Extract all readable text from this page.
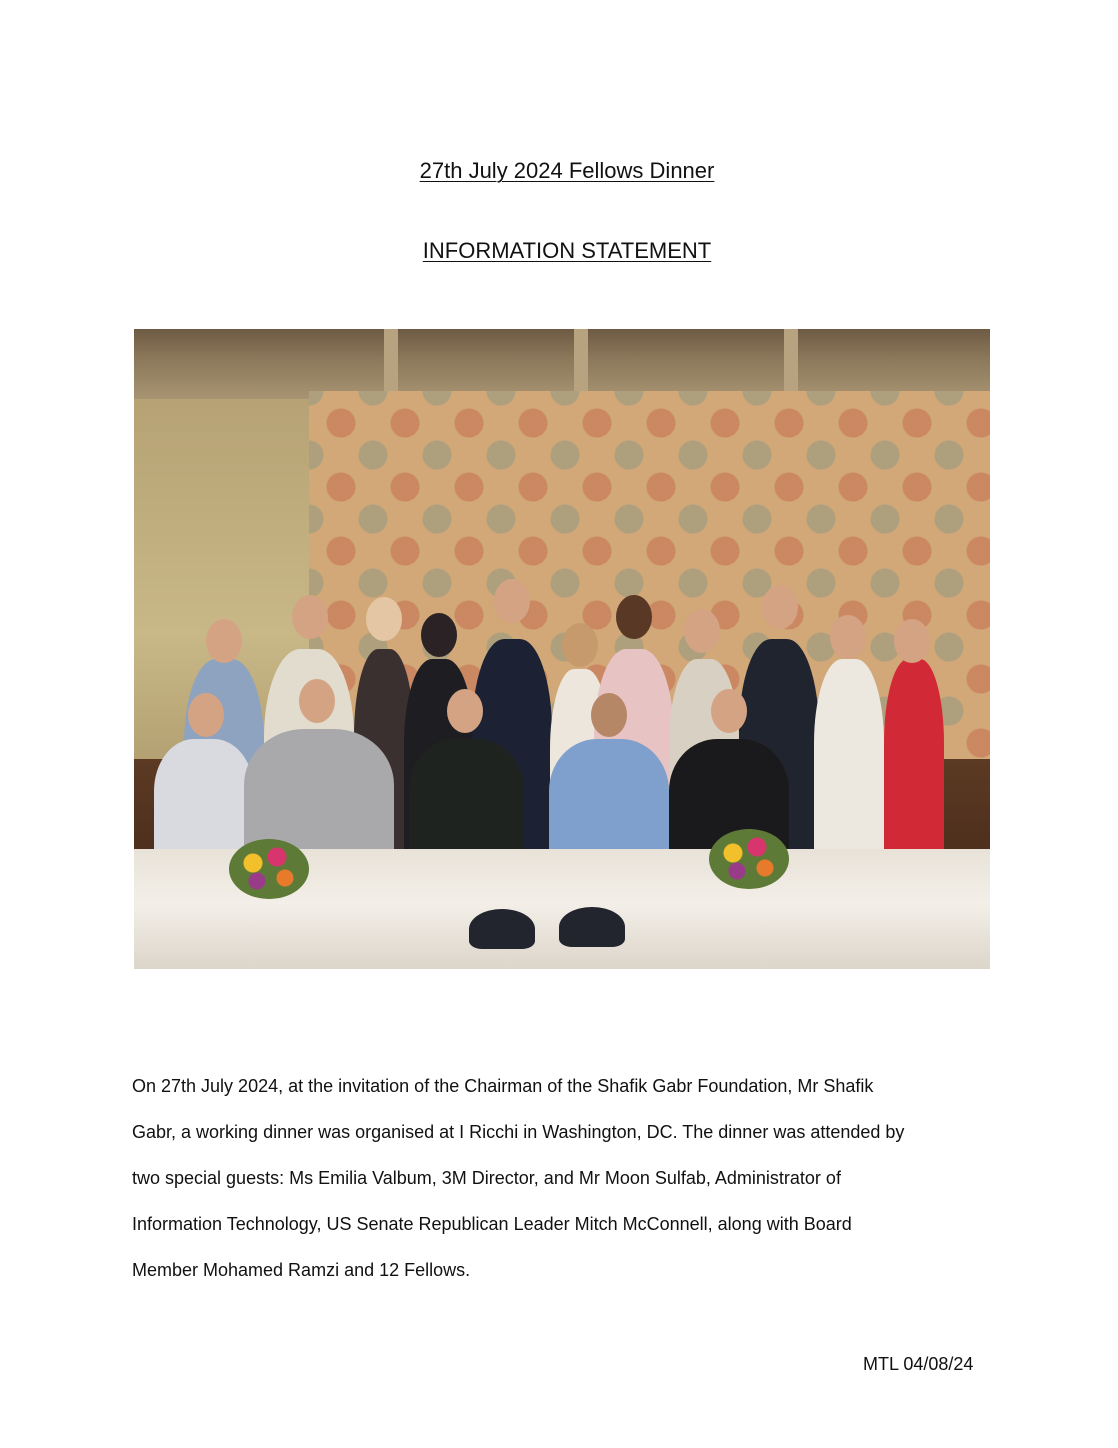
27th July 2024 Fellows Dinner
INFORMATION STATEMENT

On 27th July 2024, at the invitation of the Chairman of the Shafik Gabr Foundation, Mr Shafik

Gabr, a working dinner was organised at I Ricchi in Washington, DC. The dinner was attended by

two special guests: Ms Emilia Valbum, 3M Director, and Mr Moon Sulfab, Administrator of

Information Technology, US Senate Republican Leader Mitch McConnell, along with Board

Member Mohamed Ramzi and 12 Fellows.

MTL 04/08/24
